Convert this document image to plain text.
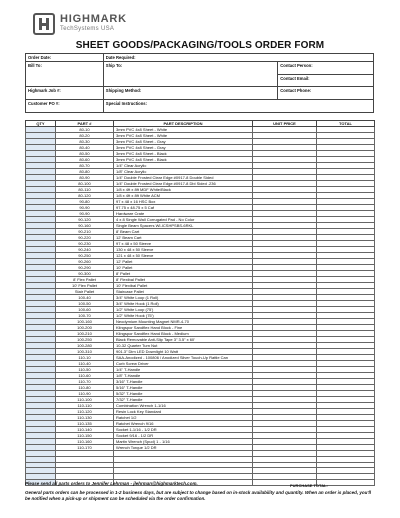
HIGHMARK
TechSystems USA
SHEET GOODS/PACKAGING/TOOLS ORDER FORM
Order Date:	Date Required:	
Bill To:	Ship To:	Contact Person:
		Contact Email:
Highmark Job #:	Shipping Method:	Contact Phone:
Customer PO #:	Special Instructions:	
QTY	PART #	PART DESCRIPTION	UNIT PRICE	TOTAL
	80-10	3mm PVC 4x8 Sheet - White		
	80-20	3mm PVC 4x8 Sheet - White		
	80-30	3mm PVC 4x8 Sheet - Gray		
	80-40	3mm PVC 4x8 Sheet - Gray		
	80-50	3mm PVC 4x8 Sheet - Black		
	80-60	3mm PVC 4x8 Sheet - Black		
	80-70	1/4" Clear Acrylic		
	80-80	1/8" Clear Acrylic		
	80-90	1/4" Double Frosted Clear Edge #0917-8 Double Sided		
	80-100	1/4" Double Frosted Clear Edge #0917-8 Dbl Sided .236		
	80-110	1/8 x 4ft x 8ft MDF White/Black		
	80-120	1/8 x 4ft x 8ft White ACM		
	90-80	97 x 48 x 16 HSC Box		
	90-90	97.75 x 48.75 x 5 Caf		
	90-90	Hardware Crate		
	90-120	4 x 8 Single Wall Corrugated Pad - No Color		
	90-160	Single Beam Spacers WI-ICSHPSBS-6RKL		
	90-210	8' Beam Cart		
	90-220	12' Beam Cart		
	90-230	97 x 48 x 50 Sleeve		
	90-240	130 x 48 x 50 Sleeve		
	90-250	121 x 48 x 50 Sleeve		
	90-260	12' Pallet		
	90-290	10' Pallet		
	90-300	8' Pallet		
	8' Flex Pallet	8' Flexibal Pallet		
	10' Flex Pallet	10' Flexibal Pallet		
	Stair Pallet	Staircase Pallet		
	100-40	3/4" White Loop (1 Roll)		
	100-50	3/4" White Hook (1 Roll)		
	100-60	1/2" White Loop (75')		
	100-70	1/2" White Hook (75')		
	100-160	Neodymium Mounting Magnet NMR-4-70		
	100-200	Klingspor Sandflex Hand Block - Fine		
	100-210	Klingspor Sandflex Hand Block - Medium		
	100-250	Black Removable Anti-Slip Tape 3" 3.5" x 60'		
	100-280	10-32 Quarter Turn Nut		
	100-310	901.3" Dim LED Downlight 10 Watt		
	110-10	SAA-Anodized - 100806 / Anodized Silver Touch-Up Rattle Can		
	110-40	Curb Screw Driver		
	110-50	1/4" T-Handle		
	110-60	1/8" T-Handle		
	110-70	3/16" T-Handle		
	110-80	5/16" T-Handle		
	110-90	5/32" T-Handle		
	110-100	7/32" T-Handle		
	110-110	Combination Wrench 1-1/16		
	110-120	Resin Lock Key Standard		
	110-130	Ratchet 1/2		
	110-135	Ratchet Wrench 9/16		
	110-140	Socket 1-1/16 - 1/2 DR		
	110-150	Socket 9/16 - 1/2 DR		
	110-160	Martin Wrench (Spud) 1 - 1/16		
	110-170	Wrench Torque 1/2 DR		

Please send all parts orders to Jennifer Lehrman - jlehrman@highmarktech.com.	PURCHASE TOTAL:
General parts orders can be processed in 1-2 business days, but are subject to change based on in-stock availability and quantity. When an order is placed, you'll be notified when a pick-up or shipment can be scheduled via the order confirmation.
